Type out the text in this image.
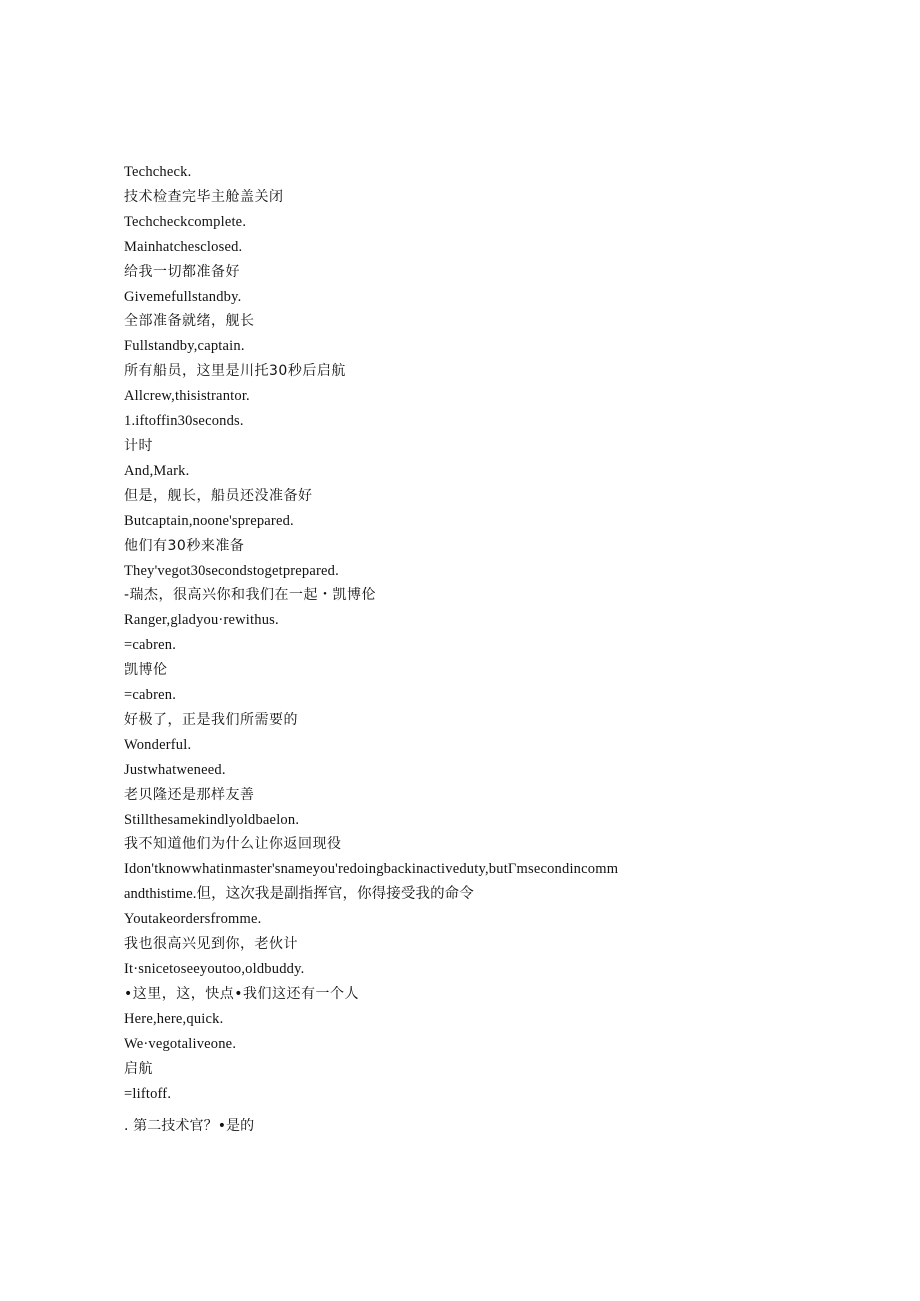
Techcheck.
技术检查完毕主舱盖关闭
Techcheckcomplete.
Mainhatchesclosed.
给我一切都准备好
Givemefullstandby.
全部准备就绪，舰长
Fullstandby,captain.
所有船员，这里是川托30秒后启航
Allcrew,thisistrantor.
1.iftoffin30seconds.
计时
And,Mark.
但是，舰长，船员还没准备好
Butcaptain,noone'sprepared.
他们有30秒来准备
They'vegot30secondstogetprepared.
-瑞杰，很高兴你和我们在一起・凯博伦
Ranger,gladyou·rewithus.
=cabren.
凯博伦
=cabren.
好极了，正是我们所需要的
Wonderful.
Justwhatweneed.
老贝隆还是那样友善
Stillthesamekindlyoldbaelon.
我不知道他们为什么让你返回现役
Idon'tknowwhatinmaster'snameyou'redoingbackinactiveduty,butΓmsecondincomm
andthistime.但，这次我是副指挥官，你得接受我的命令
Youtakeordersfromme.
我也很高兴见到你，老伙计
It·snicetoseeyoutoo,oldbuddy.
•这里，这，快点•我们这还有一个人
Here,here,quick.
We·vegotaliveone.
启航
=liftoff.
. 第二技术官？•是的
